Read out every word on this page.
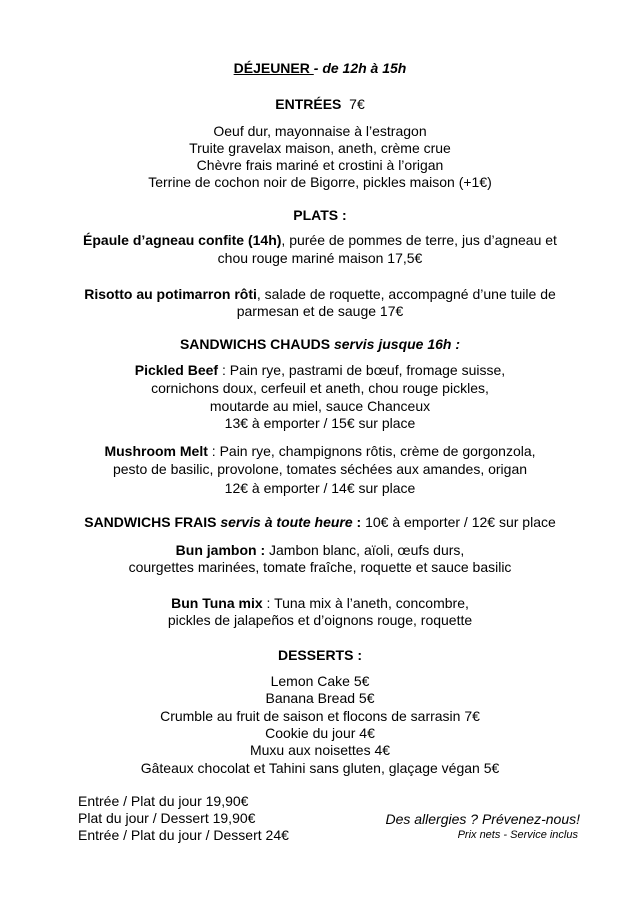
DÉJEUNER - de 12h à 15h
ENTRÉES 7€
Oeuf dur, mayonnaise à l’estragon
Truite gravelax maison, aneth, crème crue
Chèvre frais mariné et crostini à l’origan
Terrine de cochon noir de Bigorre, pickles maison (+1€)
PLATS :
Épaule d’agneau confite (14h), purée de pommes de terre, jus d’agneau et
chou rouge mariné maison 17,5€
Risotto au potimarron rôti, salade de roquette, accompagné d’une tuile de
parmesan et de sauge 17€
SANDWICHS CHAUDS servis jusque 16h :
Pickled Beef : Pain rye, pastrami de bœuf, fromage suisse,
cornichons doux, cerfeuil et aneth, chou rouge pickles,
moutarde au miel, sauce Chanceux
13€ à emporter / 15€ sur place
Mushroom Melt : Pain rye, champignons rôtis, crème de gorgonzola,
pesto de basilic, provolone, tomates séchées aux amandes, origan
12€ à emporter / 14€ sur place
SANDWICHS FRAIS servis à toute heure : 10€ à emporter / 12€ sur place
Bun jambon : Jambon blanc, aïoli, œufs durs,
courgettes marinées, tomate fraîche, roquette et sauce basilic
Bun Tuna mix : Tuna mix à l’aneth, concombre,
pickles de jalapeños et d’oignons rouge, roquette
DESSERTS :
Lemon Cake 5€
Banana Bread 5€
Crumble au fruit de saison et flocons de sarrasin 7€
Cookie du jour 4€
Muxu aux noisettes 4€
Gâteaux chocolat et Tahini sans gluten, glaçage végan 5€
Entrée / Plat du jour 19,90€
Plat du jour / Dessert 19,90€
Entrée / Plat du jour / Dessert 24€
Des allergies ? Prévenez-nous!
Prix nets - Service inclus
